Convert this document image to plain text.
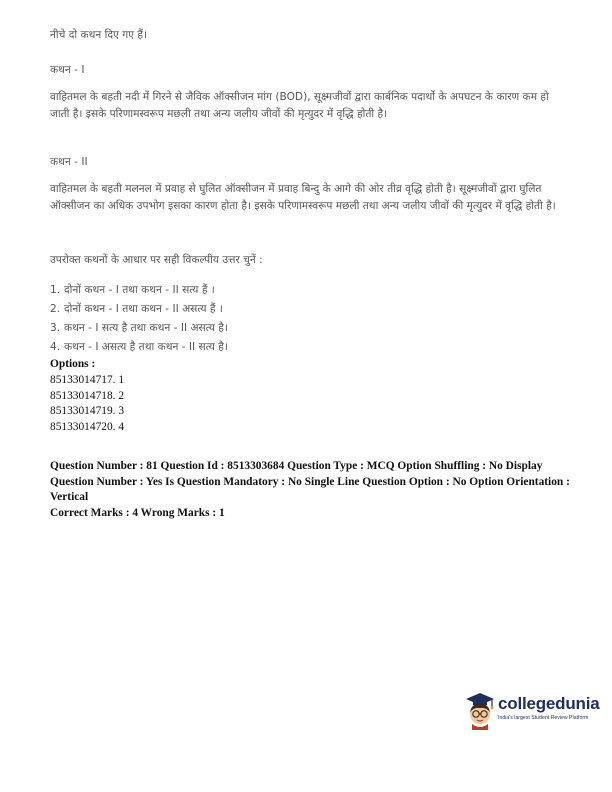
नीचे दो कथन दिए गए हैं।

कथन - I

वाहितमल के बहती नदी में गिरने से जैविक ऑक्सीजन मांग (BOD), सूक्ष्मजीवों द्वारा कार्बनिक पदार्थो के अपघटन के कारण कम हो जाती है। इसके परिणामस्वरूप मछली तथा अन्य जलीय जीवों की मृत्युदर में वृद्धि होती है।

कथन - II

वाहितमल के बहती मलनल में प्रवाह से घुलित ऑक्सीजन में प्रवाह बिन्दु के आगे की ओर तीव्र वृद्धि होती है। सूक्ष्मजीवों द्वारा घुलित ऑक्सीजन का अधिक उपभोग इसका कारण होता है। इसके परिणामस्वरूप मछली तथा अन्य जलीय जीवों की मृत्युदर में वृद्धि होती है।

उपरोक्त कथनों के आधार पर सही विकल्पीय उत्तर चुनें :

1. दोनों कथन - I तथा कथन - II सत्य हैं ।
2. दोनों कथन - I तथा कथन - II असत्य हैं ।
3. कथन - I सत्य है तथा कथन - II असत्य है।
4. कथन - I असत्य है तथा कथन - II सत्य है।
Options :
85133014717. 1
85133014718. 2
85133014719. 3
85133014720. 4
Question Number : 81 Question Id : 8513303684 Question Type : MCQ Option Shuffling : No Display Question Number : Yes Is Question Mandatory : No Single Line Question Option : No Option Orientation : Vertical
Correct Marks : 4 Wrong Marks : 1
collegedunia
India's largest Student Review Platform
